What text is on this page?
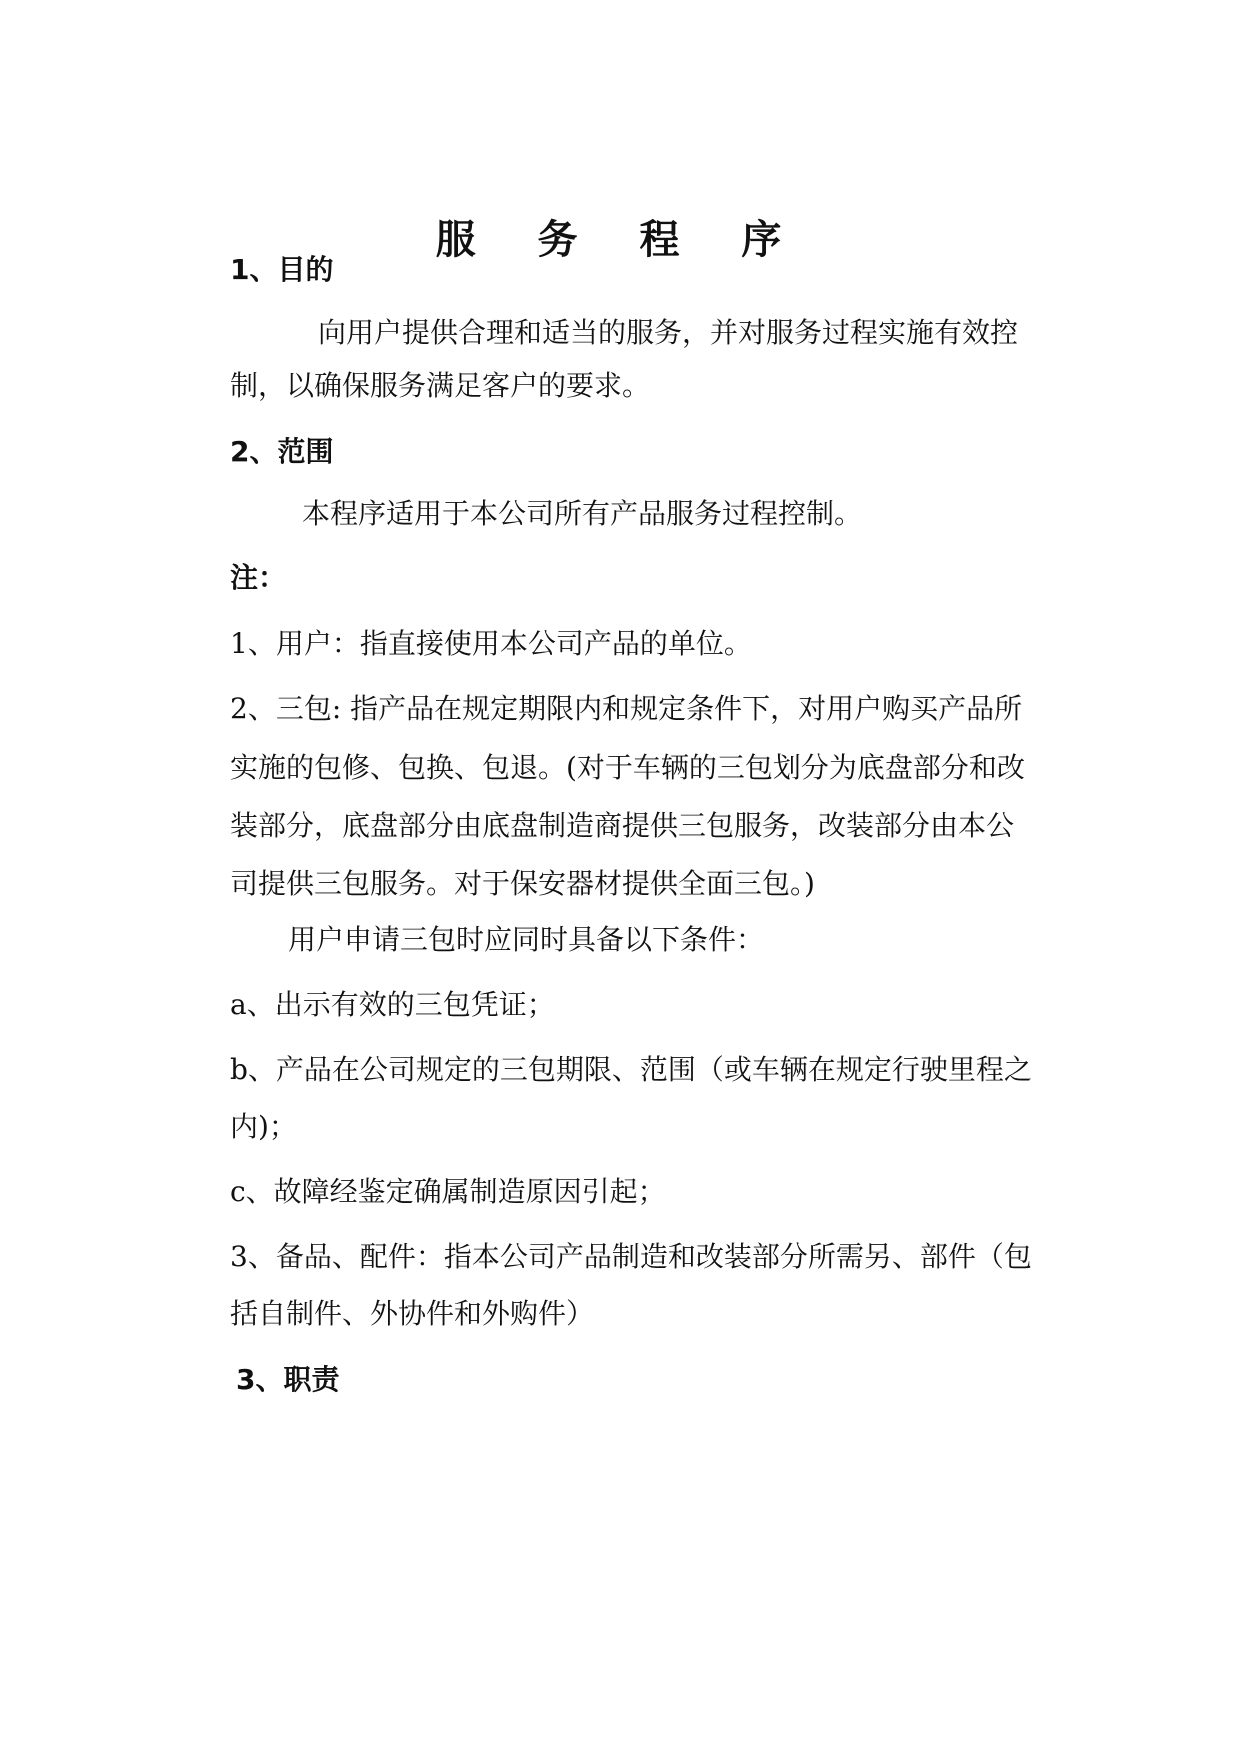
服 务 程 序
1、目的
向用户提供合理和适当的服务，并对服务过程实施有效控
制，以确保服务满足客户的要求。
2、范围
本程序适用于本公司所有产品服务过程控制。
注：
1、用户：指直接使用本公司产品的单位。
2、三包: 指产品在规定期限内和规定条件下，对用户购买产品所
实施的包修、包换、包退。(对于车辆的三包划分为底盘部分和改
装部分，底盘部分由底盘制造商提供三包服务，改装部分由本公
司提供三包服务。对于保安器材提供全面三包。)
用户申请三包时应同时具备以下条件：
a、出示有效的三包凭证；
b、产品在公司规定的三包期限、范围（或车辆在规定行驶里程之
内)；
c、故障经鉴定确属制造原因引起；
3、备品、配件：指本公司产品制造和改装部分所需另、部件（包
括自制件、外协件和外购件）
3、职责
